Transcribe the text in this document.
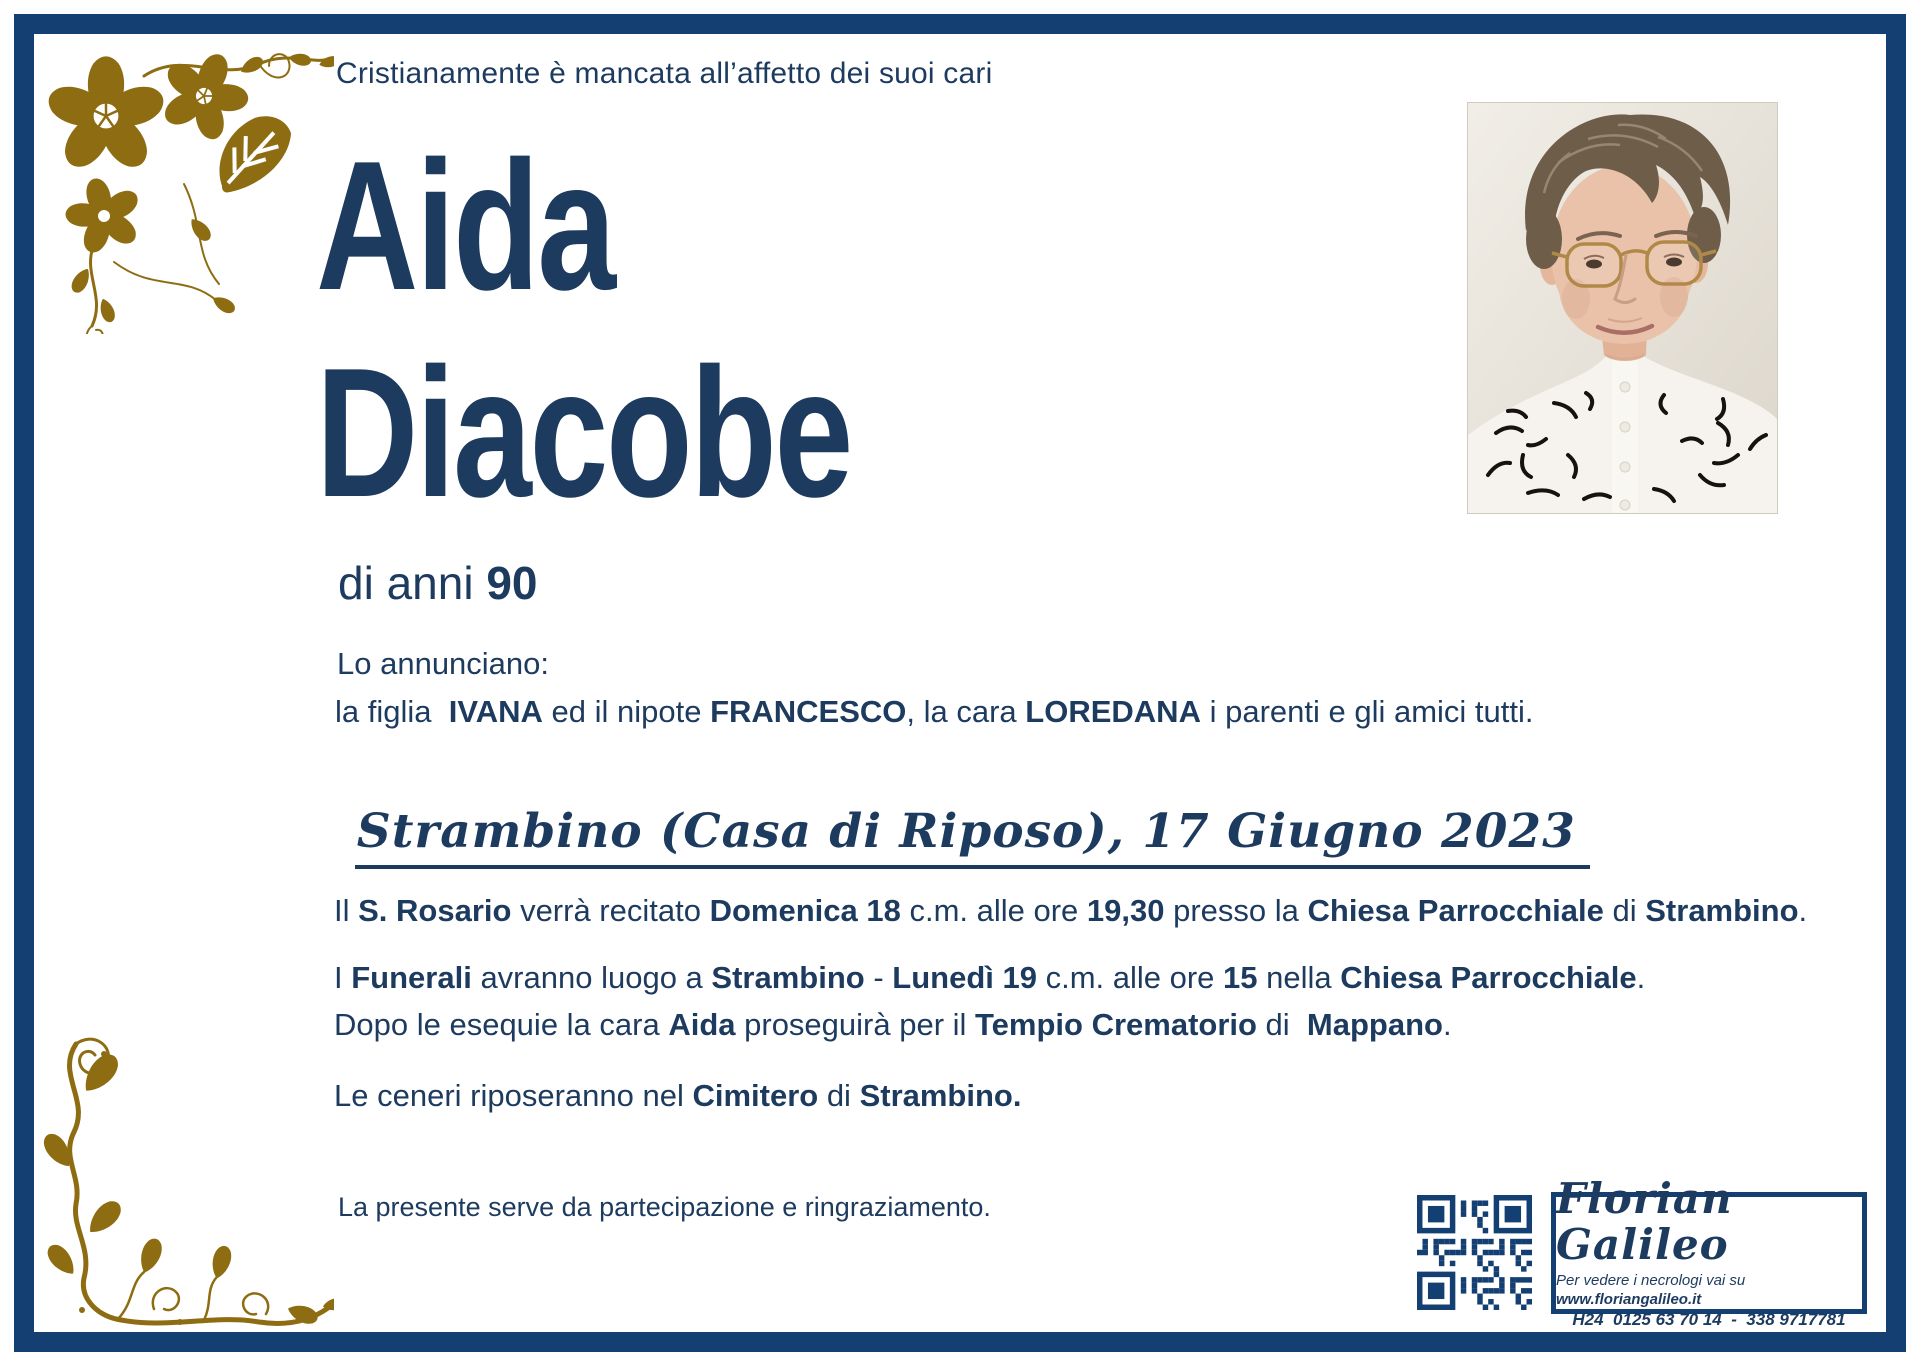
Cristianamente è mancata all’affetto dei suoi cari

Aida

Diacobe

di anni 90
Lo annunciano:
la figlia  IVANA ed il nipote FRANCESCO, la cara LOREDANA i parenti e gli amici tutti.

Strambino (Casa di Riposo), 17 Giugno 2023

Il S. Rosario verrà recitato Domenica 18 c.m. alle ore 19,30 presso la Chiesa Parrocchiale di Strambino.
I Funerali avranno luogo a Strambino - Lunedì 19 c.m. alle ore 15 nella Chiesa Parrocchiale.
Dopo le esequie la cara Aida proseguirà per il Tempio Crematorio di  Mappano.
Le ceneri riposeranno nel Cimitero di Strambino.
La presente serve da partecipazione e ringraziamento.	Florian Galileo
Per vedere i necrologi vai su www.floriangalileo.it
H24  0125 63 70 14  -  338 9717781
